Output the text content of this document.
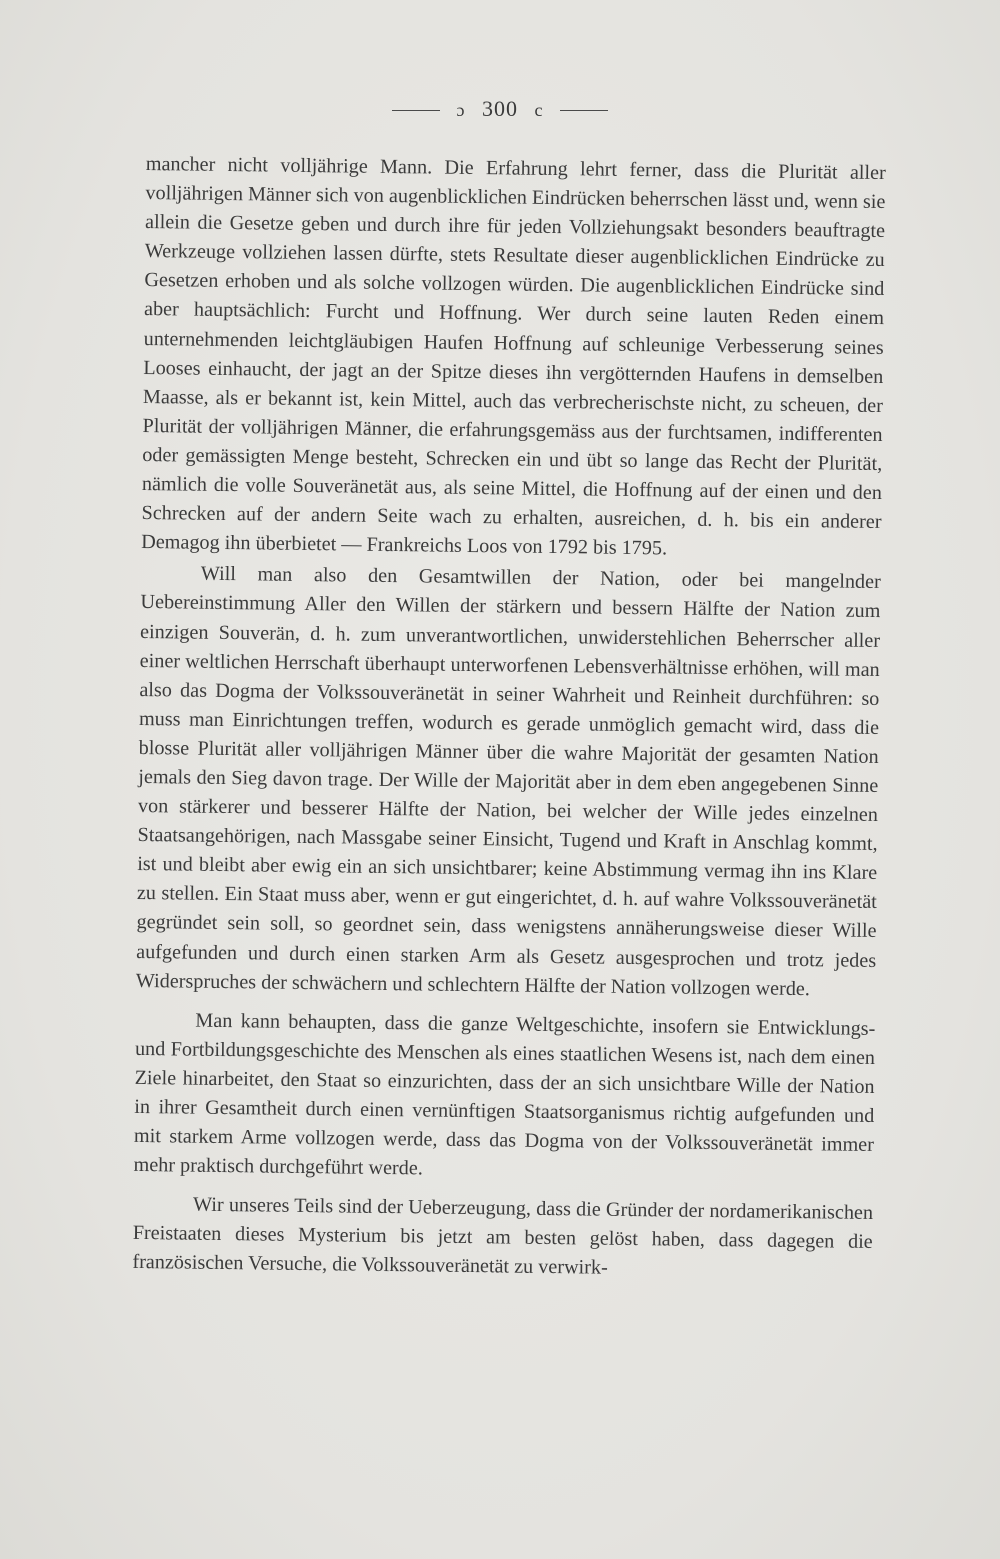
ɔ 300 c

mancher nicht volljährige Mann. Die Erfahrung lehrt ferner, dass die Plurität aller volljährigen Männer sich von augenblicklichen Eindrücken beherrschen lässt und, wenn sie allein die Gesetze geben und durch ihre für jeden Vollziehungsakt besonders beauftragte Werkzeuge vollziehen lassen dürfte, stets Resultate dieser augenblicklichen Eindrücke zu Gesetzen erhoben und als solche vollzogen würden. Die augenblicklichen Eindrücke sind aber hauptsächlich: Furcht und Hoffnung. Wer durch seine lauten Reden einem unternehmenden leichtgläubigen Haufen Hoffnung auf schleunige Verbesserung seines Looses einhaucht, der jagt an der Spitze dieses ihn vergötternden Haufens in demselben Maasse, als er bekannt ist, kein Mittel, auch das verbrecherischste nicht, zu scheuen, der Plurität der volljährigen Männer, die erfahrungsgemäss aus der furchtsamen, indifferenten oder gemässigten Menge besteht, Schrecken ein und übt so lange das Recht der Plurität, nämlich die volle Souveränetät aus, als seine Mittel, die Hoffnung auf der einen und den Schrecken auf der andern Seite wach zu erhalten, ausreichen, d. h. bis ein anderer Demagog ihn überbietet — Frankreichs Loos von 1792 bis 1795.

Will man also den Gesamtwillen der Nation, oder bei mangelnder Uebereinstimmung Aller den Willen der stärkern und bessern Hälfte der Nation zum einzigen Souverän, d. h. zum unverantwortlichen, unwiderstehlichen Beherrscher aller einer weltlichen Herrschaft überhaupt unterworfenen Lebensverhältnisse erhöhen, will man also das Dogma der Volkssouveränetät in seiner Wahrheit und Reinheit durchführen: so muss man Einrichtungen treffen, wodurch es gerade unmöglich gemacht wird, dass die blosse Plurität aller volljährigen Männer über die wahre Majorität der gesamten Nation jemals den Sieg davon trage. Der Wille der Majorität aber in dem eben angegebenen Sinne von stärkerer und besserer Hälfte der Nation, bei welcher der Wille jedes einzelnen Staatsangehörigen, nach Massgabe seiner Einsicht, Tugend und Kraft in Anschlag kommt, ist und bleibt aber ewig ein an sich unsichtbarer; keine Abstimmung vermag ihn ins Klare zu stellen. Ein Staat muss aber, wenn er gut eingerichtet, d. h. auf wahre Volkssouveränetät gegründet sein soll, so geordnet sein, dass wenigstens annäherungsweise dieser Wille aufgefunden und durch einen starken Arm als Gesetz ausgesprochen und trotz jedes Widerspruches der schwächern und schlechtern Hälfte der Nation vollzogen werde.

Man kann behaupten, dass die ganze Weltgeschichte, insofern sie Entwicklungs- und Fortbildungsgeschichte des Menschen als eines staatlichen Wesens ist, nach dem einen Ziele hinarbeitet, den Staat so einzurichten, dass der an sich unsichtbare Wille der Nation in ihrer Gesamtheit durch einen vernünftigen Staatsorganismus richtig aufgefunden und mit starkem Arme vollzogen werde, dass das Dogma von der Volkssouveränetät immer mehr praktisch durchgeführt werde.

Wir unseres Teils sind der Ueberzeugung, dass die Gründer der nordamerikanischen Freistaaten dieses Mysterium bis jetzt am besten gelöst haben, dass dagegen die französischen Versuche, die Volkssouveränetät zu verwirk-
